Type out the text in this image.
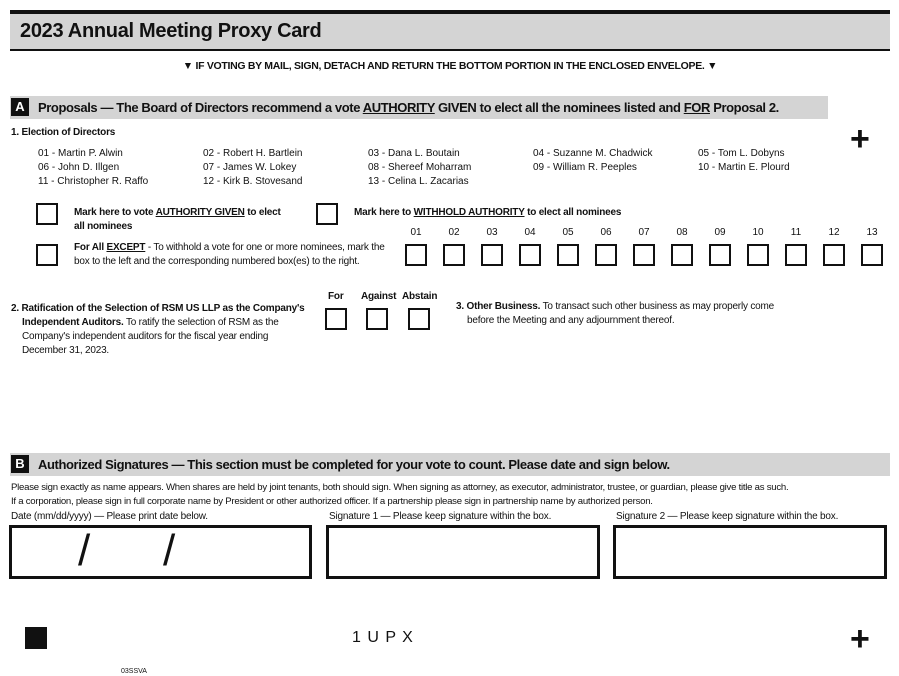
2023 Annual Meeting Proxy Card
▼ IF VOTING BY MAIL, SIGN, DETACH AND RETURN THE BOTTOM PORTION IN THE ENCLOSED ENVELOPE. ▼
A	Proposals — The Board of Directors recommend a vote AUTHORITY GIVEN to elect all the nominees listed and FOR Proposal 2.
+
1. Election of Directors
01 - Martin P. Alwin	02 - Robert H. Bartlein	03 - Dana L. Boutain	04 - Suzanne M. Chadwick	05 - Tom L. Dobyns
06 - John D. Illgen	07 - James W. Lokey	08 - Shereef Moharram	09 - William R. Peeples	10 - Martin E. Plourd
11 - Christopher R. Raffo	12 - Kirk B. Stovesand	13 - Celina L. Zacarias
Mark here to vote AUTHORITY GIVEN to elect
all nominees
Mark here to WITHHOLD AUTHORITY to elect all nominees
For All EXCEPT - To withhold a vote for one or more nominees, mark the
box to the left and the corresponding numbered box(es) to the right.
01	02	03	04	05	06	07	08	09	10	11	12	13
2. Ratification of the Selection of RSM US LLP as the Company's
Independent Auditors. To ratify the selection of RSM as the
Company's independent auditors for the fiscal year ending
December 31, 2023.
For Against Abstain
3. Other Business. To transact such other business as may properly come
before the Meeting and any adjournment thereof.
B	Authorized Signatures — This section must be completed for your vote to count. Please date and sign below.
Please sign exactly as name appears. When shares are held by joint tenants, both should sign. When signing as attorney, as executor, administrator, trustee, or guardian, please give title as such.
If a corporation, please sign in full corporate name by President or other authorized officer. If a partnership please sign in partnership name by authorized person.
Date (mm/dd/yyyy) — Please print date below.	Signature 1 — Please keep signature within the box.	Signature 2 — Please keep signature within the box.
/ /
1 U P X	+
03SSVA
